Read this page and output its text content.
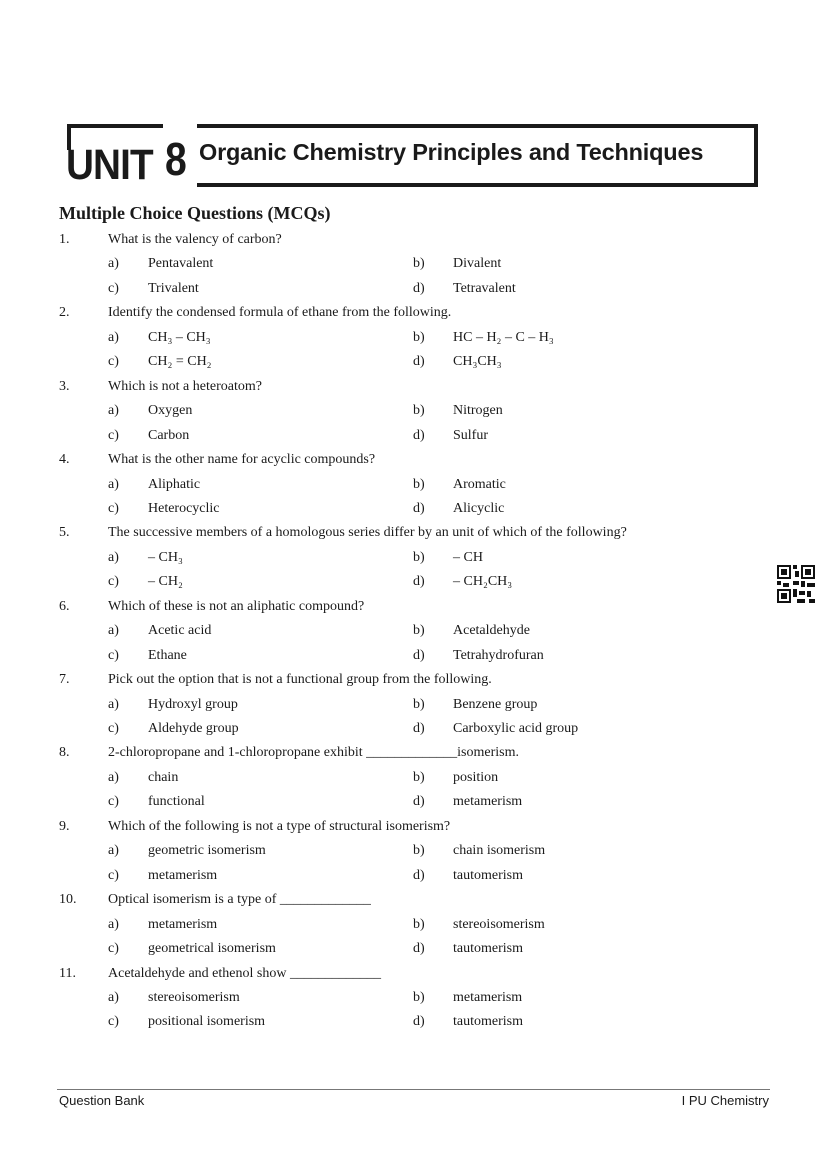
UNIT 8 Organic Chemistry Principles and Techniques
Multiple Choice Questions (MCQs)
1.	What is the valency of carbon?
a) Pentavalent	b) Divalent
c) Trivalent	d) Tetravalent
2.	Identify the condensed formula of ethane from the following.
a) CH₃ – CH₃	b) HC – H₂ – C – H₃
c) CH₂ = CH₂	d) CH₃CH₃
3.	Which is not a heteroatom?
a) Oxygen	b) Nitrogen
c) Carbon	d) Sulfur
4.	What is the other name for acyclic compounds?
a) Aliphatic	b) Aromatic
c) Heterocyclic	d) Alicyclic
5.	The successive members of a homologous series differ by an unit of which of the following?
a) – CH₃	b) – CH
c) – CH₂	d) – CH₂CH₃
6.	Which of these is not an aliphatic compound?
a) Acetic acid	b) Acetaldehyde
c) Ethane	d) Tetrahydrofuran
7.	Pick out the option that is not a functional group from the following.
a) Hydroxyl group	b) Benzene group
c) Aldehyde group	d) Carboxylic acid group
8.	2-chloropropane and 1-chloropropane exhibit _____________isomerism.
a) chain	b) position
c) functional	d) metamerism
9.	Which of the following is not a type of structural isomerism?
a) geometric isomerism	b) chain isomerism
c) metamerism	d) tautomerism
10. Optical isomerism is a type of _____________
a) metamerism	b) stereoisomerism
c) geometrical isomerism	d) tautomerism
11. Acetaldehyde and ethenol show _____________
a) stereoisomerism	b) metamerism
c) positional isomerism	d) tautomerism
Question Bank	I PU Chemistry
